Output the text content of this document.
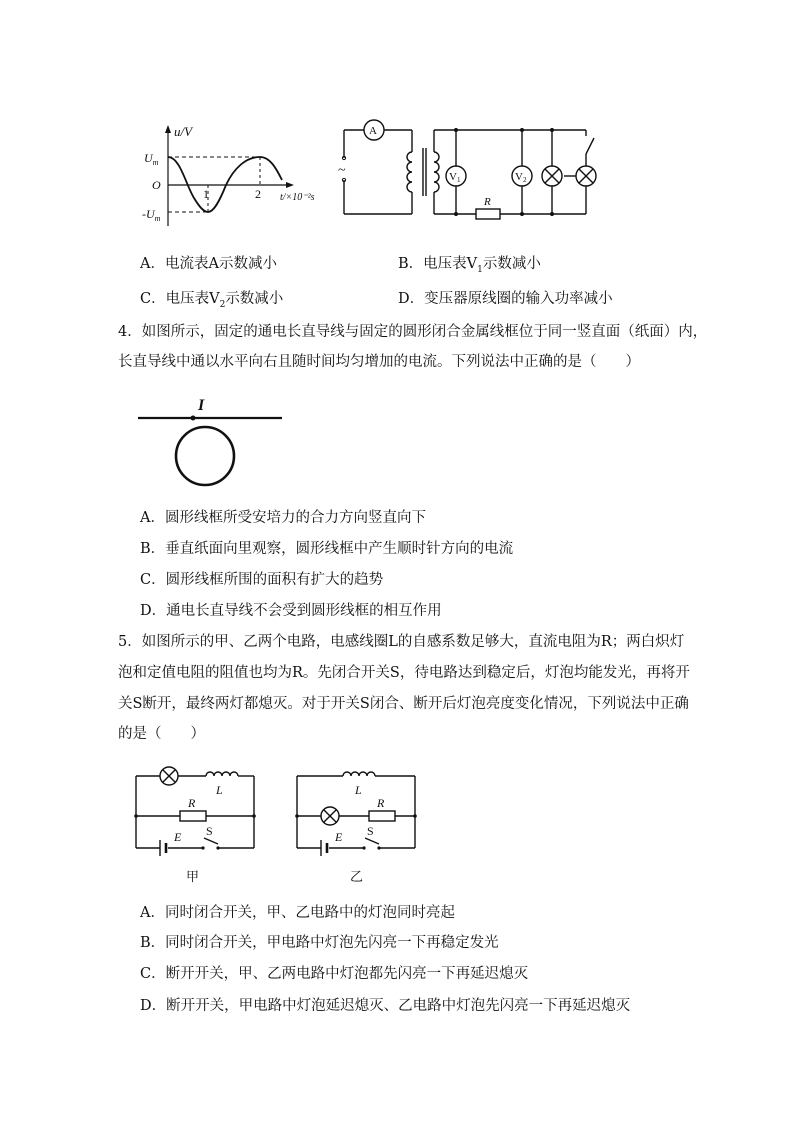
u/V
$U_m$
O
$-U_m$
1	2 t/×10⁻²s
A
~	V1	V2
R
A．电流表A示数减小	B．电压表$V_1$示数减小
C．电压表$V_2$示数减小	D．变压器原线圈的输入功率减小
4．如图所示，固定的通电长直导线与固定的圆形闭合金属线框位于同一竖直面（纸面）内，
长直导线中通以水平向右且随时间均匀增加的电流。下列说法中正确的是（　　）
I
A．圆形线框所受安培力的合力方向竖直向下
B．垂直纸面向里观察，圆形线框中产生顺时针方向的电流
C．圆形线框所围的面积有扩大的趋势
D．通电长直导线不会受到圆形线框的相互作用
5．如图所示的甲、乙两个电路，电感线圈L的自感系数足够大，直流电阻为R；两白炽灯
泡和定值电阻的阻值也均为R。先闭合开关S，待电路达到稳定后，灯泡均能发光，再将开
关S断开，最终两灯都熄灭。对于开关S闭合、断开后灯泡亮度变化情况，下列说法中正确
的是（　　）
L
R
E S
甲
L
R
E S
乙
A．同时闭合开关，甲、乙电路中的灯泡同时亮起
B．同时闭合开关，甲电路中灯泡先闪亮一下再稳定发光
C．断开开关，甲、乙两电路中灯泡都先闪亮一下再延迟熄灭
D．断开开关，甲电路中灯泡延迟熄灭、乙电路中灯泡先闪亮一下再延迟熄灭
